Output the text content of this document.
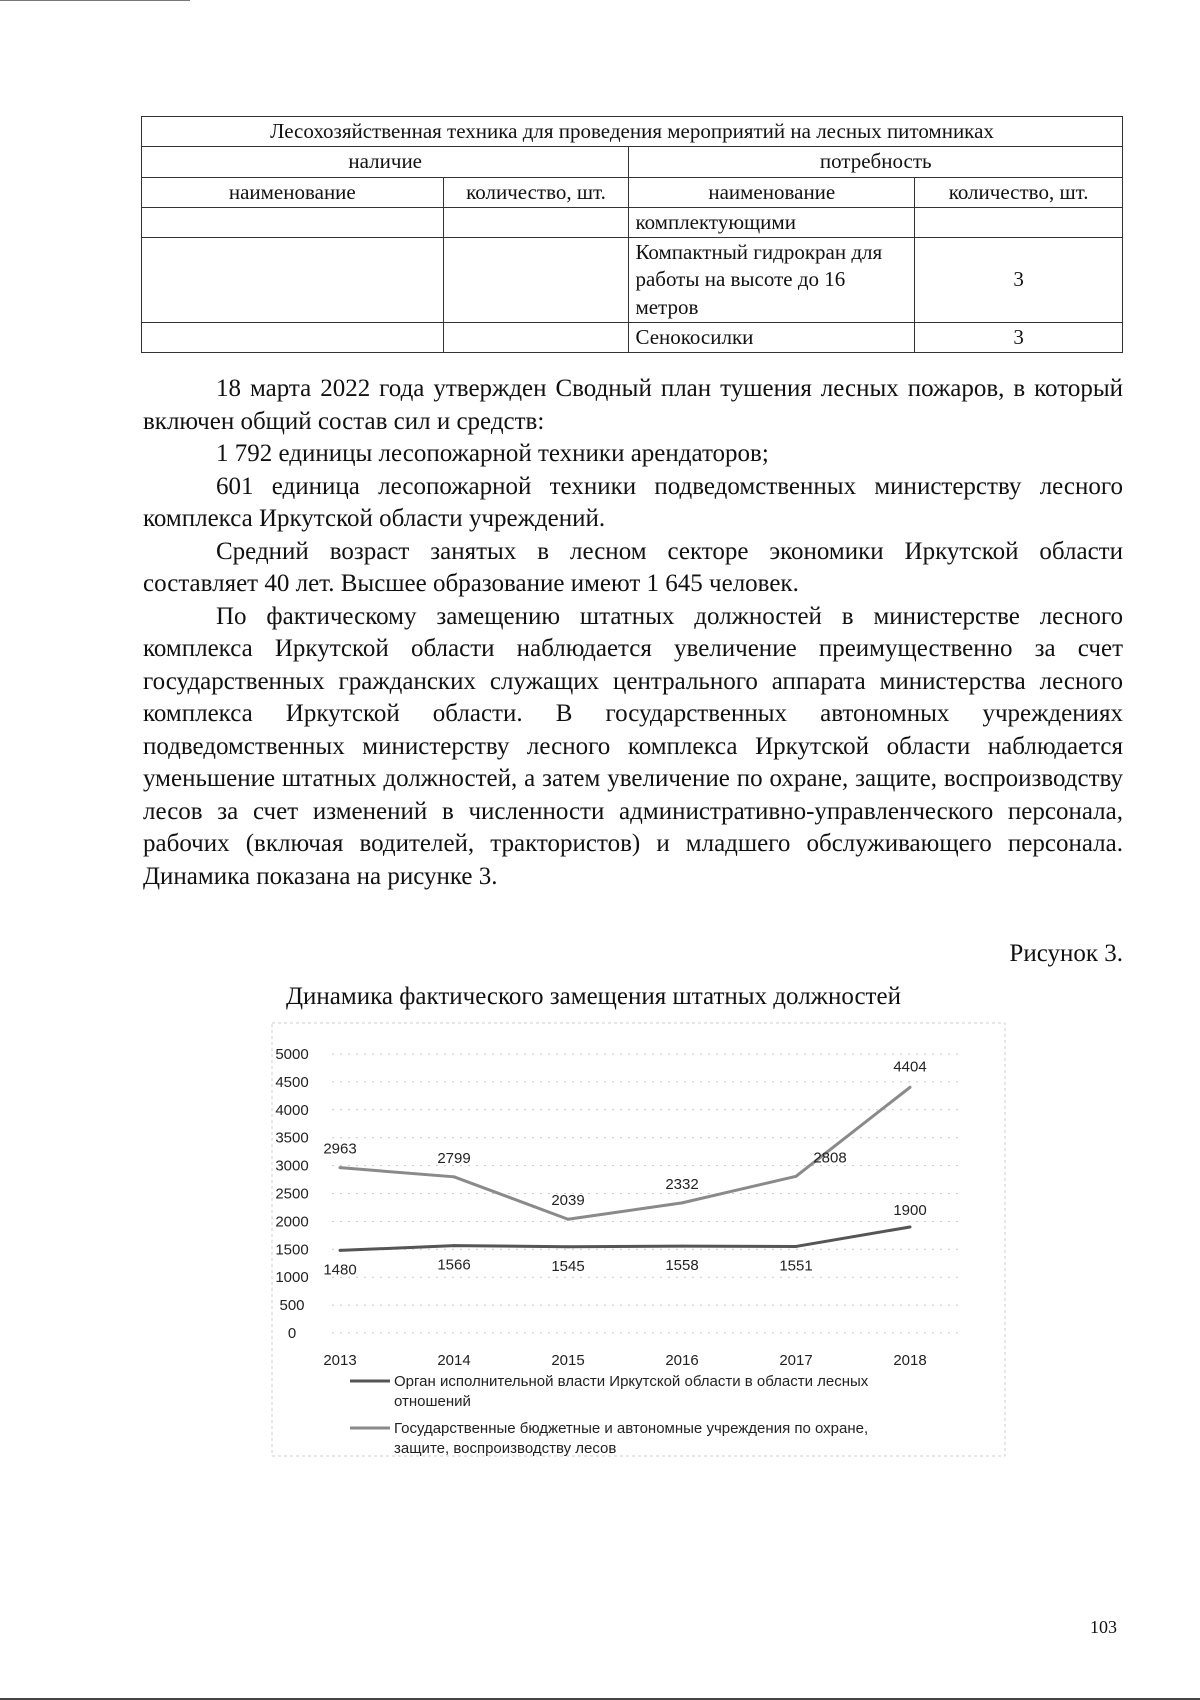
Лесохозяйственная техника для проведения мероприятий на лесных питомниках			
наличие		потребность	
наименование	количество, шт.	наименование	количество, шт.
		комплектующими	
		Компактный гидрокран для работы на высоте до 16 метров	3
		Сенокосилки	3

18 марта 2022 года утвержден Сводный план тушения лесных пожаров, в который включен общий состав сил и средств:

1 792 единицы лесопожарной техники арендаторов;

601 единица лесопожарной техники подведомственных министерству лесного комплекса Иркутской области учреждений.

Средний возраст занятых в лесном секторе экономики Иркутской области составляет 40 лет. Высшее образование имеют 1 645 человек.

По фактическому замещению штатных должностей в министерстве лесного комплекса Иркутской области наблюдается увеличение преимущественно за счет государственных гражданских служащих центрального аппарата министерства лесного комплекса Иркутской области. В государственных автономных учреждениях подведомственных министерству лесного комплекса Иркутской области наблюдается уменьшение штатных должностей, а затем увеличение по охране, защите, воспроизводству лесов за счет изменений в численности административно-управленческого персонала, рабочих (включая водителей, трактористов) и младшего обслуживающего персонала. Динамика показана на рисунке 3.

Рисунок 3.
Динамика фактического замещения штатных должностей
5000
4500
4000
3500
3000
2500
2000
1500
1000
500
0
2013	2014	2015	2016	2017	2018
1480	1566	1545	1558	1551
1900
2963
2799
2039
2332
2808
4404
Орган исполнительной власти Иркутской области в области лесных
отношений
Государственные бюджетные и автономные учреждения по охране,
защите, воспроизводству лесов
103
